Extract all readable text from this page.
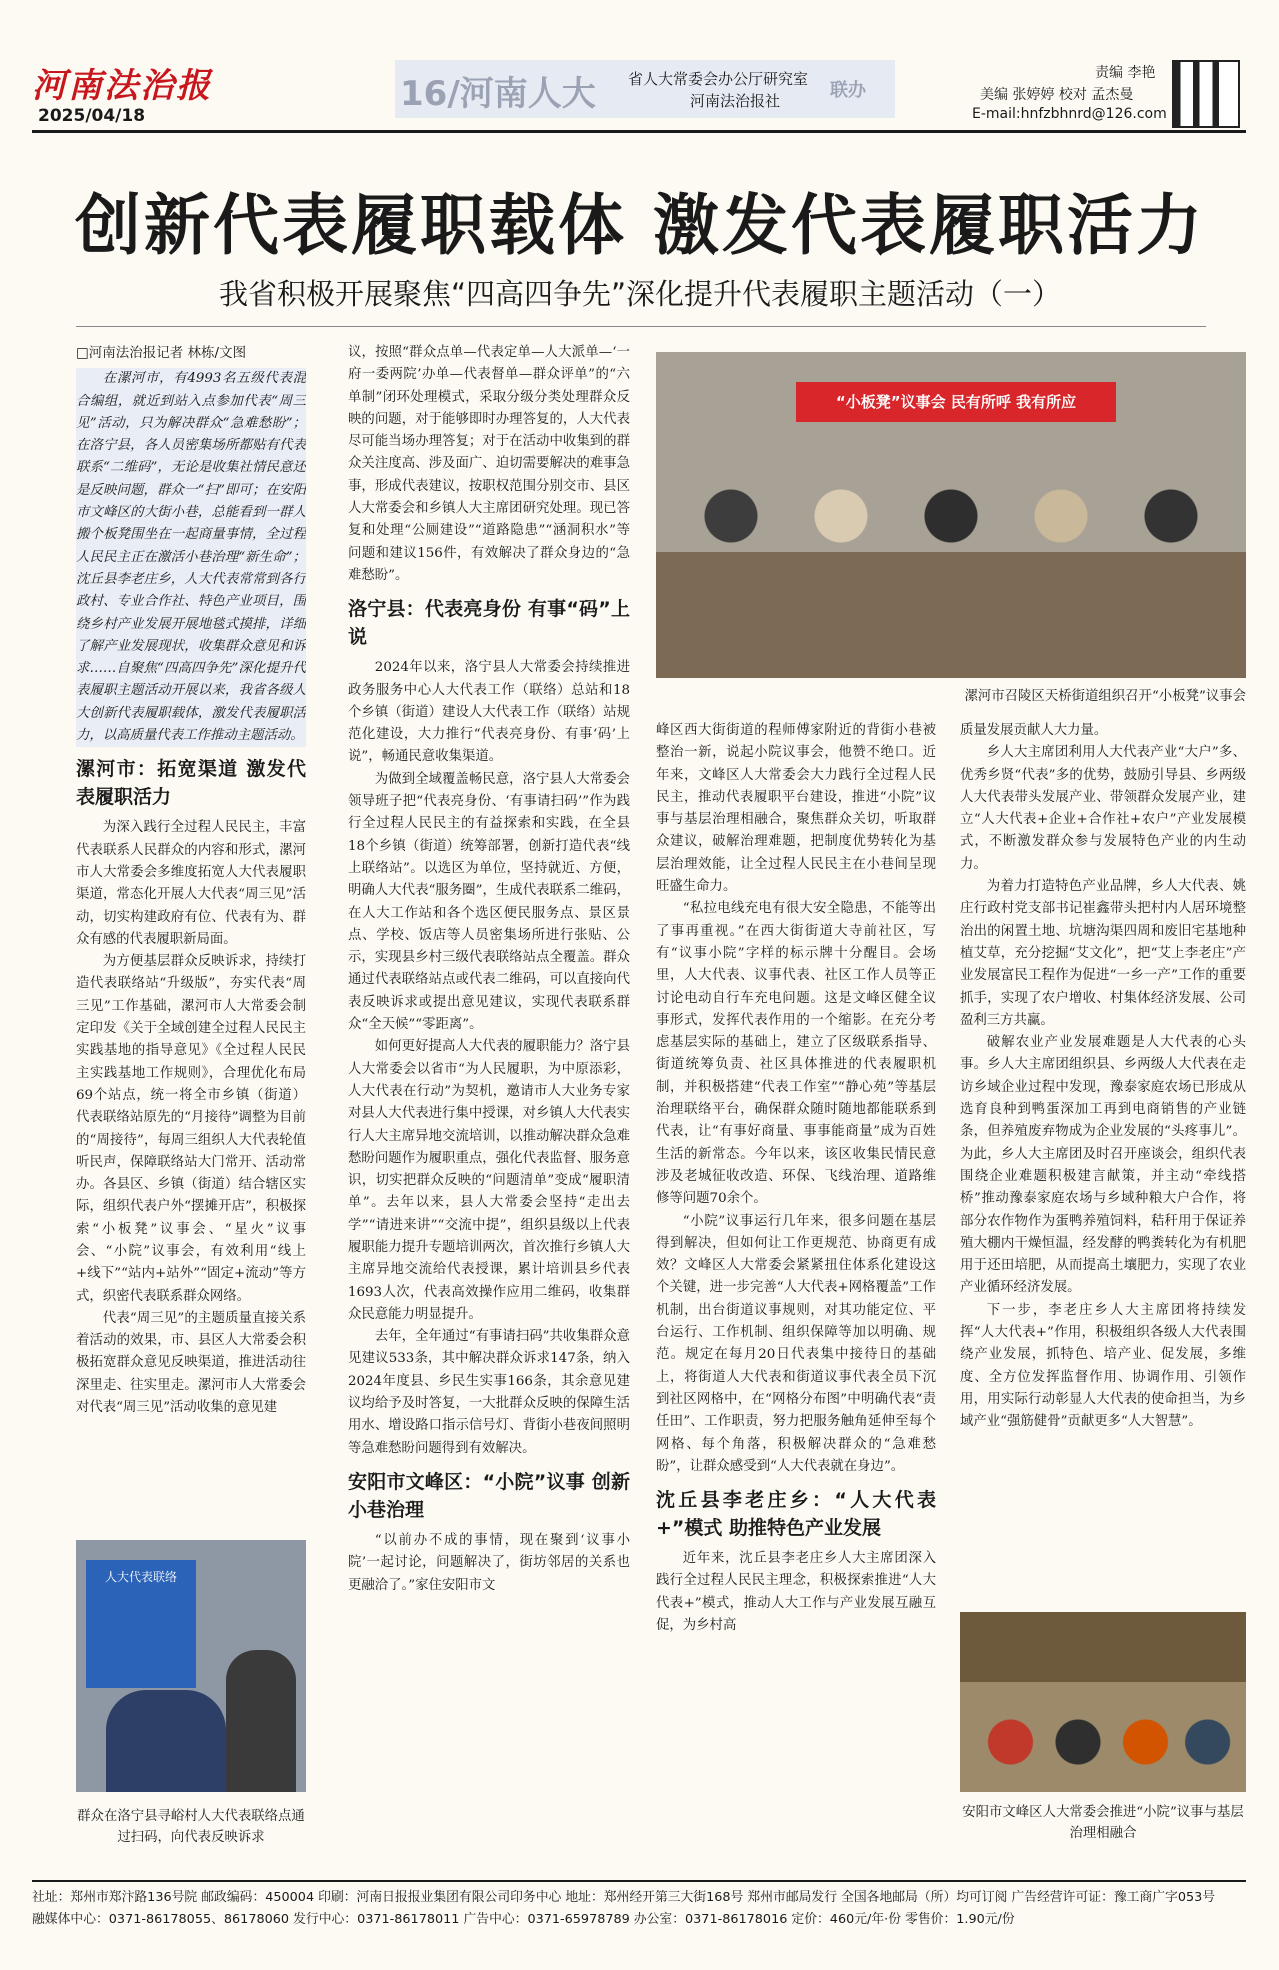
河南法治报
2025/04/18
16/河南人大 省人大常委会办公厅研究室
河南法治报社	联办
责编 李艳
美编 张婷婷 校对 孟杰曼
E-mail:hnfzbhnrd@126.com
创新代表履职载体 激发代表履职活力
我省积极开展聚焦“四高四争先”深化提升代表履职主题活动（一）
□河南法治报记者 林栋/文图

在漯河市，有4993名五级代表混合编组，就近到站入点参加代表“周三见”活动，只为解决群众“急难愁盼”；在洛宁县，各人员密集场所都贴有代表联系“二维码”，无论是收集社情民意还是反映问题，群众一“扫”即可；在安阳市文峰区的大街小巷，总能看到一群人搬个板凳围坐在一起商量事情，全过程人民民主正在激活小巷治理“新生命”；沈丘县李老庄乡，人大代表常常到各行政村、专业合作社、特色产业项目，围绕乡村产业发展开展地毯式摸排，详细了解产业发展现状，收集群众意见和诉求……自聚焦“四高四争先”深化提升代表履职主题活动开展以来，我省各级人大创新代表履职载体，激发代表履职活力，以高质量代表工作推动主题活动。

漯河市：拓宽渠道 激发代表履职活力

为深入践行全过程人民民主，丰富代表联系人民群众的内容和形式，漯河市人大常委会多维度拓宽人大代表履职渠道，常态化开展人大代表“周三见”活动，切实构建政府有位、代表有为、群众有感的代表履职新局面。

为方便基层群众反映诉求，持续打造代表联络站“升级版”，夯实代表“周三见”工作基础，漯河市人大常委会制定印发《关于全域创建全过程人民民主实践基地的指导意见》《全过程人民民主实践基地工作规则》，合理优化布局69个站点，统一将全市乡镇（街道）代表联络站原先的“月接待”调整为目前的“周接待”，每周三组织人大代表轮值听民声，保障联络站大门常开、活动常办。各县区、乡镇（街道）结合辖区实际，组织代表户外“摆摊开店”，积极探索“小板凳”议事会、“星火”议事会、“小院”议事会，有效利用“线上+线下”“站内+站外”“固定+流动”等方式，织密代表联系群众网络。

代表“周三见”的主题质量直接关系着活动的效果，市、县区人大常委会积极拓宽群众意见反映渠道，推进活动往深里走、往实里走。漯河市人大常委会对代表“周三见”活动收集的意见建

人大代表联络
群众在洛宁县寻峪村人大代表联络点通过扫码，向代表反映诉求

议，按照“群众点单—代表定单—人大派单—‘一府一委两院’办单—代表督单—群众评单”的“六单制”闭环处理模式，采取分级分类处理群众反映的问题，对于能够即时办理答复的，人大代表尽可能当场办理答复；对于在活动中收集到的群众关注度高、涉及面广、迫切需要解决的难事急事，形成代表建议，按职权范围分别交市、县区人大常委会和乡镇人大主席团研究处理。现已答复和处理“公厕建设”“道路隐患”“涵洞积水”等问题和建议156件，有效解决了群众身边的“急难愁盼”。

洛宁县：代表亮身份 有事“码”上说

2024年以来，洛宁县人大常委会持续推进政务服务中心人大代表工作（联络）总站和18个乡镇（街道）建设人大代表工作（联络）站规范化建设，大力推行“代表亮身份、有事‘码’上说”，畅通民意收集渠道。

为做到全域覆盖畅民意，洛宁县人大常委会领导班子把“代表亮身份、‘有事请扫码’”作为践行全过程人民民主的有益探索和实践，在全县18个乡镇（街道）统筹部署，创新打造代表“线上联络站”。以选区为单位，坚持就近、方便，明确人大代表“服务圈”，生成代表联系二维码，在人大工作站和各个选区便民服务点、景区景点、学校、饭店等人员密集场所进行张贴、公示，实现县乡村三级代表联络站点全覆盖。群众通过代表联络站点或代表二维码，可以直接向代表反映诉求或提出意见建议，实现代表联系群众“全天候”“零距离”。

如何更好提高人大代表的履职能力？洛宁县人大常委会以省市“为人民履职，为中原添彩，人大代表在行动”为契机，邀请市人大业务专家对县人大代表进行集中授课，对乡镇人大代表实行人大主席异地交流培训，以推动解决群众急难愁盼问题作为履职重点，强化代表监督、服务意识，切实把群众反映的“问题清单”变成“履职清单”。去年以来，县人大常委会坚持“走出去学”“请进来讲”“交流中提”，组织县级以上代表履职能力提升专题培训两次，首次推行乡镇人大主席异地交流给代表授课，累计培训县乡代表1693人次，代表高效操作应用二维码，收集群众民意能力明显提升。

去年，全年通过“有事请扫码”共收集群众意见建议533条，其中解决群众诉求147条，纳入2024年度县、乡民生实事166条，其余意见建议均给予及时答复，一大批群众反映的保障生活用水、增设路口指示信号灯、背街小巷夜间照明等急难愁盼问题得到有效解决。

安阳市文峰区：“小院”议事 创新小巷治理

“以前办不成的事情，现在聚到‘议事小院’一起讨论，问题解决了，街坊邻居的关系也更融洽了。”家住安阳市文

“小板凳”议事会 民有所呼 我有所应
漯河市召陵区天桥街道组织召开“小板凳”议事会

峰区西大街街道的程师傅家附近的背街小巷被整治一新，说起小院议事会，他赞不绝口。近年来，文峰区人大常委会大力践行全过程人民民主，推动代表履职平台建设，推进“小院”议事与基层治理相融合，聚焦群众关切，听取群众建议，破解治理难题，把制度优势转化为基层治理效能，让全过程人民民主在小巷间呈现旺盛生命力。

“私拉电线充电有很大安全隐患，不能等出了事再重视。”在西大街街道大寺前社区，写有“议事小院”字样的标示牌十分醒目。会场里，人大代表、议事代表、社区工作人员等正讨论电动自行车充电问题。这是文峰区健全议事形式，发挥代表作用的一个缩影。在充分考虑基层实际的基础上，建立了区级联系指导、街道统筹负责、社区具体推进的代表履职机制，并积极搭建“代表工作室”“静心苑”等基层治理联络平台，确保群众随时随地都能联系到代表，让“有事好商量、事事能商量”成为百姓生活的新常态。今年以来，该区收集民情民意涉及老城征收改造、环保、飞线治理、道路维修等问题70余个。

“小院”议事运行几年来，很多问题在基层得到解决，但如何让工作更规范、协商更有成效？文峰区人大常委会紧紧扭住体系化建设这个关键，进一步完善“人大代表+网格覆盖”工作机制，出台街道议事规则，对其功能定位、平台运行、工作机制、组织保障等加以明确、规范。规定在每月20日代表集中接待日的基础上，将街道人大代表和街道议事代表全员下沉到社区网格中，在“网格分布图”中明确代表“责任田”、工作职责，努力把服务触角延伸至每个网格、每个角落，积极解决群众的“急难愁盼”，让群众感受到“人大代表就在身边”。

沈丘县李老庄乡：“人大代表+”模式 助推特色产业发展

近年来，沈丘县李老庄乡人大主席团深入践行全过程人民民主理念，积极探索推进“人大代表+”模式，推动人大工作与产业发展互融互促，为乡村高

质量发展贡献人大力量。

乡人大主席团利用人大代表产业“大户”多、优秀乡贤“代表”多的优势，鼓励引导县、乡两级人大代表带头发展产业、带领群众发展产业，建立“人大代表+企业+合作社+农户”产业发展模式，不断激发群众参与发展特色产业的内生动力。

为着力打造特色产业品牌，乡人大代表、姚庄行政村党支部书记崔鑫带头把村内人居环境整治出的闲置土地、坑塘沟渠四周和废旧宅基地种植艾草，充分挖掘“艾文化”，把“艾上李老庄”产业发展富民工程作为促进“一乡一产”工作的重要抓手，实现了农户增收、村集体经济发展、公司盈利三方共赢。

破解农业产业发展难题是人大代表的心头事。乡人大主席团组织县、乡两级人大代表在走访乡域企业过程中发现，豫泰家庭农场已形成从选育良种到鸭蛋深加工再到电商销售的产业链条，但养殖废弃物成为企业发展的“头疼事儿”。为此，乡人大主席团及时召开座谈会，组织代表围绕企业难题积极建言献策，并主动“牵线搭桥”推动豫泰家庭农场与乡域种粮大户合作，将部分农作物作为蛋鸭养殖饲料，秸秆用于保证养殖大棚内干燥恒温，经发酵的鸭粪转化为有机肥用于还田培肥，从而提高土壤肥力，实现了农业产业循环经济发展。

下一步，李老庄乡人大主席团将持续发挥“人大代表+”作用，积极组织各级人大代表围绕产业发展，抓特色、培产业、促发展，多维度、全方位发挥监督作用、协调作用、引领作用，用实际行动彰显人大代表的使命担当，为乡域产业“强筋健骨”贡献更多“人大智慧”。

安阳市文峰区人大常委会推进“小院”议事与基层治理相融合
社址：郑州市郑汴路136号院 邮政编码：450004 印刷：河南日报报业集团有限公司印务中心 地址：郑州经开第三大街168号 郑州市邮局发行 全国各地邮局（所）均可订阅 广告经营许可证：豫工商广字053号
融媒体中心：0371-86178055、86178060 发行中心：0371-86178011 广告中心：0371-65978789 办公室：0371-86178016 定价：460元/年·份 零售价：1.90元/份
